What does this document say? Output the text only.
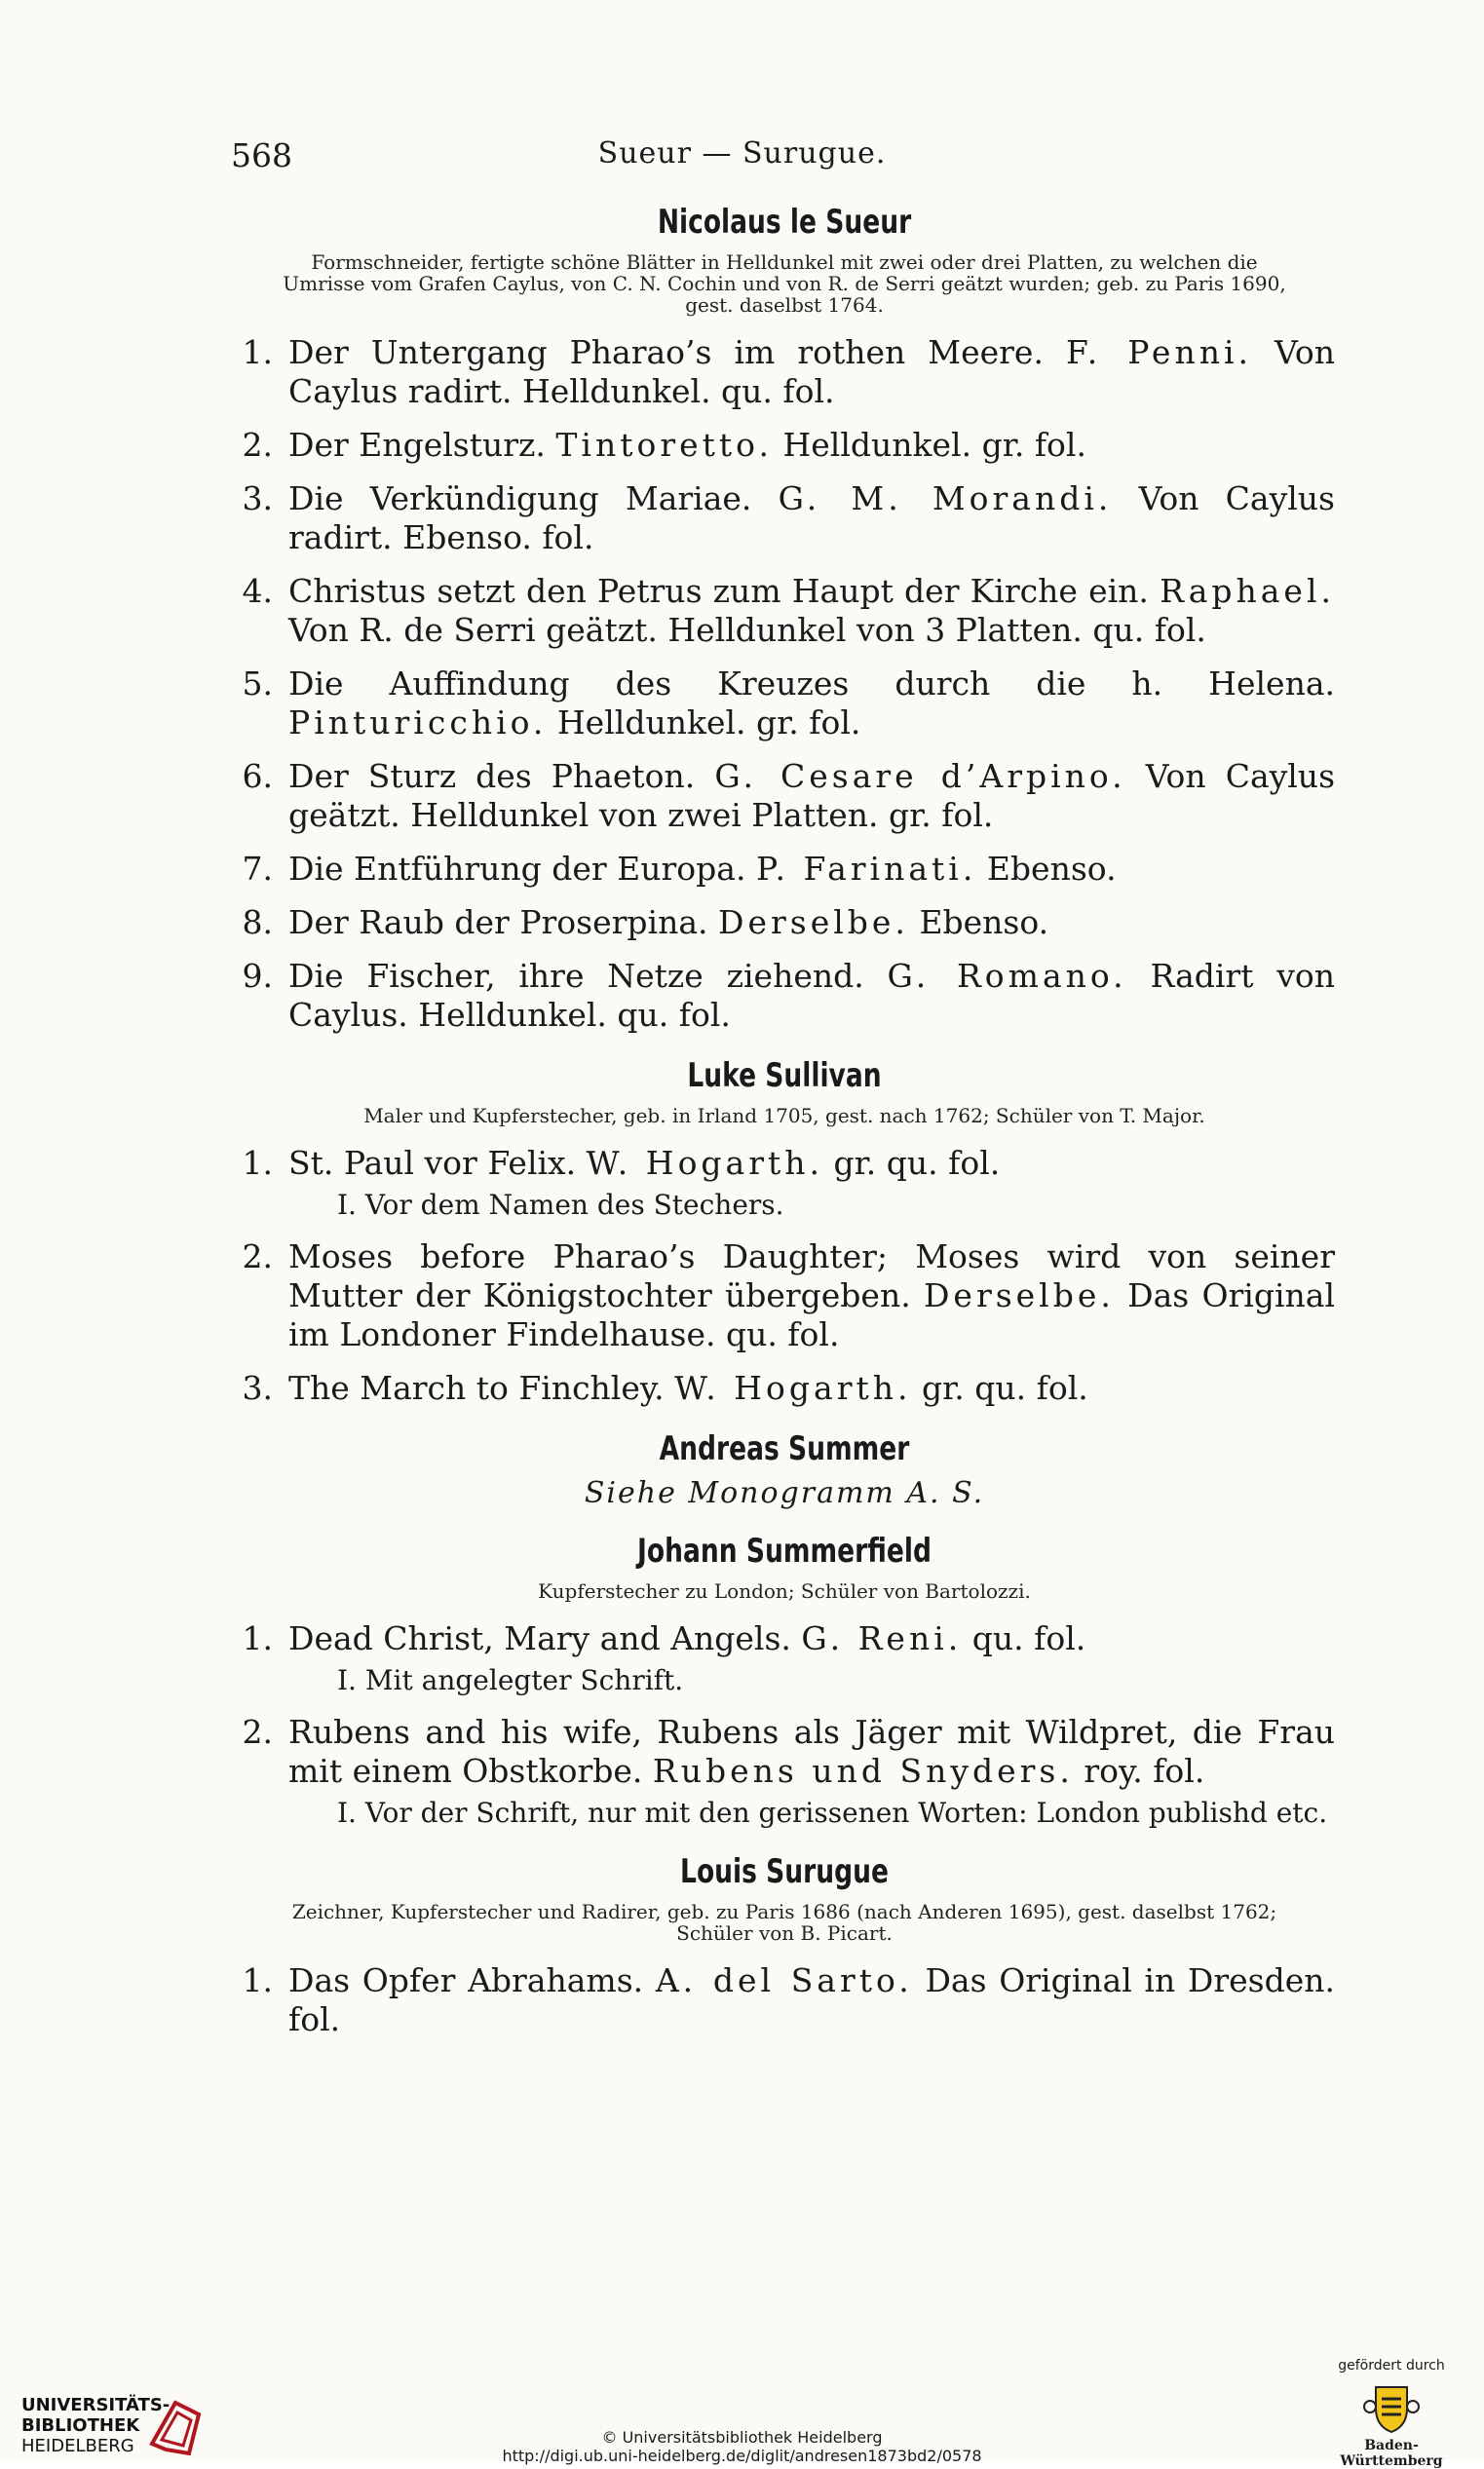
568	Sueur — Surugue.
Nicolaus le Sueur
Formschneider, fertigte schöne Blätter in Helldunkel mit zwei oder drei Platten, zu welchen die Umrisse vom Grafen Caylus, von C. N. Cochin und von R. de Serri geätzt wurden; geb. zu Paris 1690, gest. daselbst 1764.
1. Der Untergang Pharao’s im rothen Meere. F. Penni. Von Caylus radirt. Helldunkel. qu. fol.
2. Der Engelsturz. Tintoretto. Helldunkel. gr. fol.
3. Die Verkündigung Mariae. G. M. Morandi. Von Caylus radirt. Ebenso. fol.
4. Christus setzt den Petrus zum Haupt der Kirche ein. Raphael. Von R. de Serri geätzt. Helldunkel von 3 Platten. qu. fol.
5. Die Auffindung des Kreuzes durch die h. Helena. Pinturicchio. Helldunkel. gr. fol.
6. Der Sturz des Phaeton. G. Cesare d’Arpino. Von Caylus geätzt. Helldunkel von zwei Platten. gr. fol.
7. Die Entführung der Europa. P. Farinati. Ebenso.
8. Der Raub der Proserpina. Derselbe. Ebenso.
9. Die Fischer, ihre Netze ziehend. G. Romano. Radirt von Caylus. Helldunkel. qu. fol.
Luke Sullivan
Maler und Kupferstecher, geb. in Irland 1705, gest. nach 1762; Schüler von T. Major.
1. St. Paul vor Felix. W. Hogarth. gr. qu. fol.
I. Vor dem Namen des Stechers.
2. Moses before Pharao’s Daughter; Moses wird von seiner Mutter der Königstochter übergeben. Derselbe. Das Original im Londoner Findelhause. qu. fol.
3. The March to Finchley. W. Hogarth. gr. qu. fol.
Andreas Summer
Siehe Monogramm A. S.
Johann Summerfield
Kupferstecher zu London; Schüler von Bartolozzi.
1. Dead Christ, Mary and Angels. G. Reni. qu. fol.
I. Mit angelegter Schrift.
2. Rubens and his wife, Rubens als Jäger mit Wildpret, die Frau mit einem Obstkorbe. Rubens und Snyders. roy. fol.
I. Vor der Schrift, nur mit den gerissenen Worten: London publishd etc.
Louis Surugue
Zeichner, Kupferstecher und Radirer, geb. zu Paris 1686 (nach Anderen 1695), gest. daselbst 1762; Schüler von B. Picart.
1. Das Opfer Abrahams. A. del Sarto. Das Original in Dresden. fol.
UNIVERSITÄTS-
BIBLIOTHEK
HEIDELBERG	© Universitätsbibliothek Heidelberg
http://digi.ub.uni-heidelberg.de/diglit/andresen1873bd2/0578
gefördert durch
Baden-Württemberg
